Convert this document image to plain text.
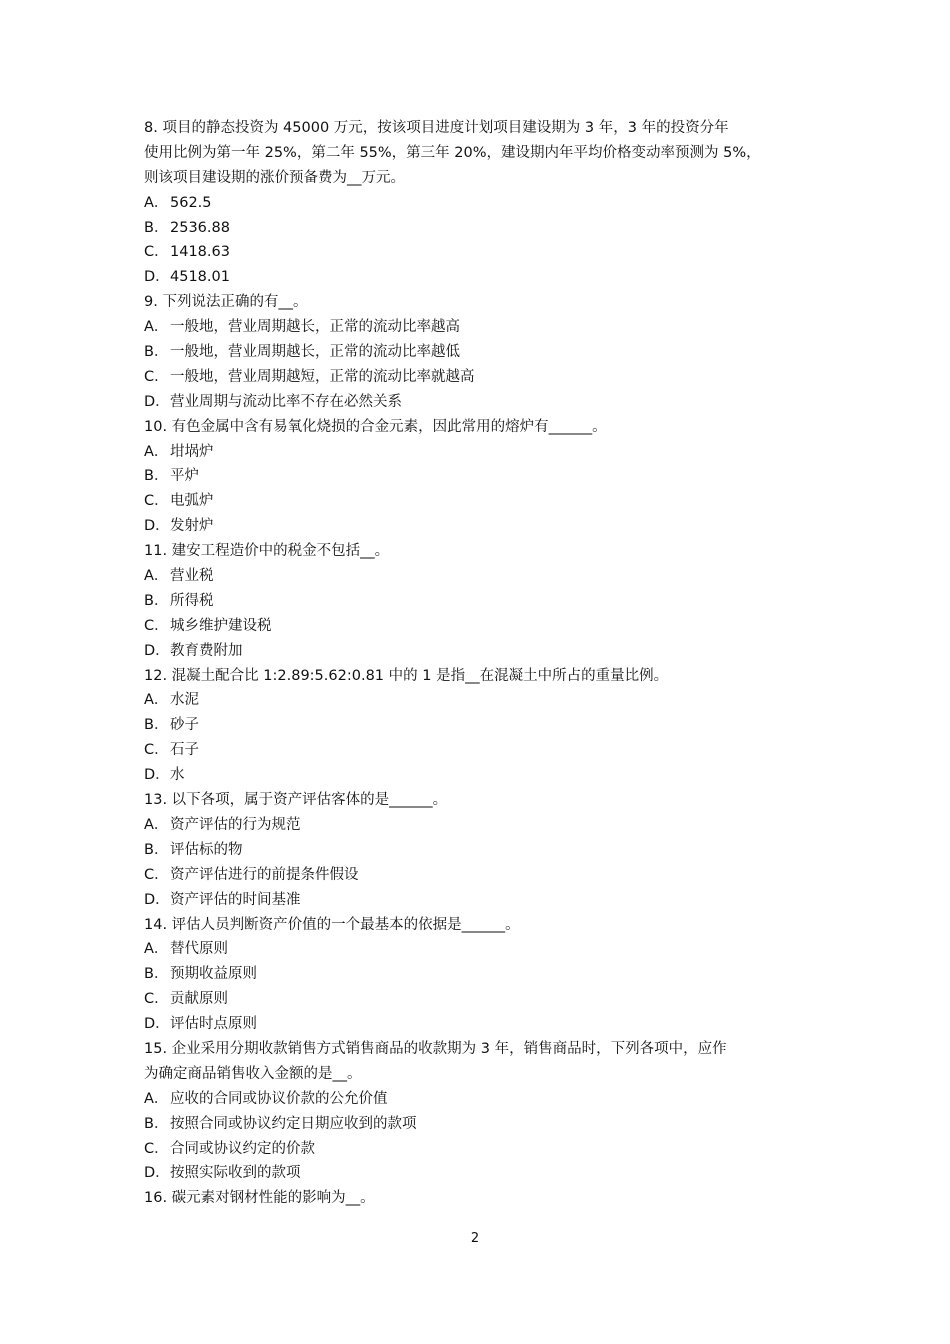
8. 项目的静态投资为 45000 万元，按该项目进度计划项目建设期为 3 年，3 年的投资分年
使用比例为第一年 25%，第二年 55%，第三年 20%，建设期内年平均价格变动率预测为 5%，
则该项目建设期的涨价预备费为__万元。
A． 562.5
B． 2536.88
C．1418.63
D．4518.01
9. 下列说法正确的有__。
A． 一般地，营业周期越长，正常的流动比率越高
B． 一般地，营业周期越长，正常的流动比率越低
C．一般地，营业周期越短，正常的流动比率就越高
D．营业周期与流动比率不存在必然关系
10. 有色金属中含有易氧化烧损的合金元素，因此常用的熔炉有______。
A． 坩埚炉
B． 平炉
C．电弧炉
D．发射炉
11. 建安工程造价中的税金不包括__。
A． 营业税
B． 所得税
C．城乡维护建设税
D．教育费附加
12. 混凝土配合比 1:2.89:5.62:0.81 中的 1 是指__在混凝土中所占的重量比例。
A． 水泥
B． 砂子
C．石子
D．水
13. 以下各项，属于资产评估客体的是______。
A． 资产评估的行为规范
B． 评估标的物
C．资产评估进行的前提条件假设
D．资产评估的时间基准
14. 评估人员判断资产价值的一个最基本的依据是______。
A． 替代原则
B． 预期收益原则
C．贡献原则
D．评估时点原则
15. 企业采用分期收款销售方式销售商品的收款期为 3 年，销售商品时，下列各项中，应作
为确定商品销售收入金额的是__。
A． 应收的合同或协议价款的公允价值
B． 按照合同或协议约定日期应收到的款项
C．合同或协议约定的价款
D．按照实际收到的款项
16. 碳元素对钢材性能的影响为__。
2
